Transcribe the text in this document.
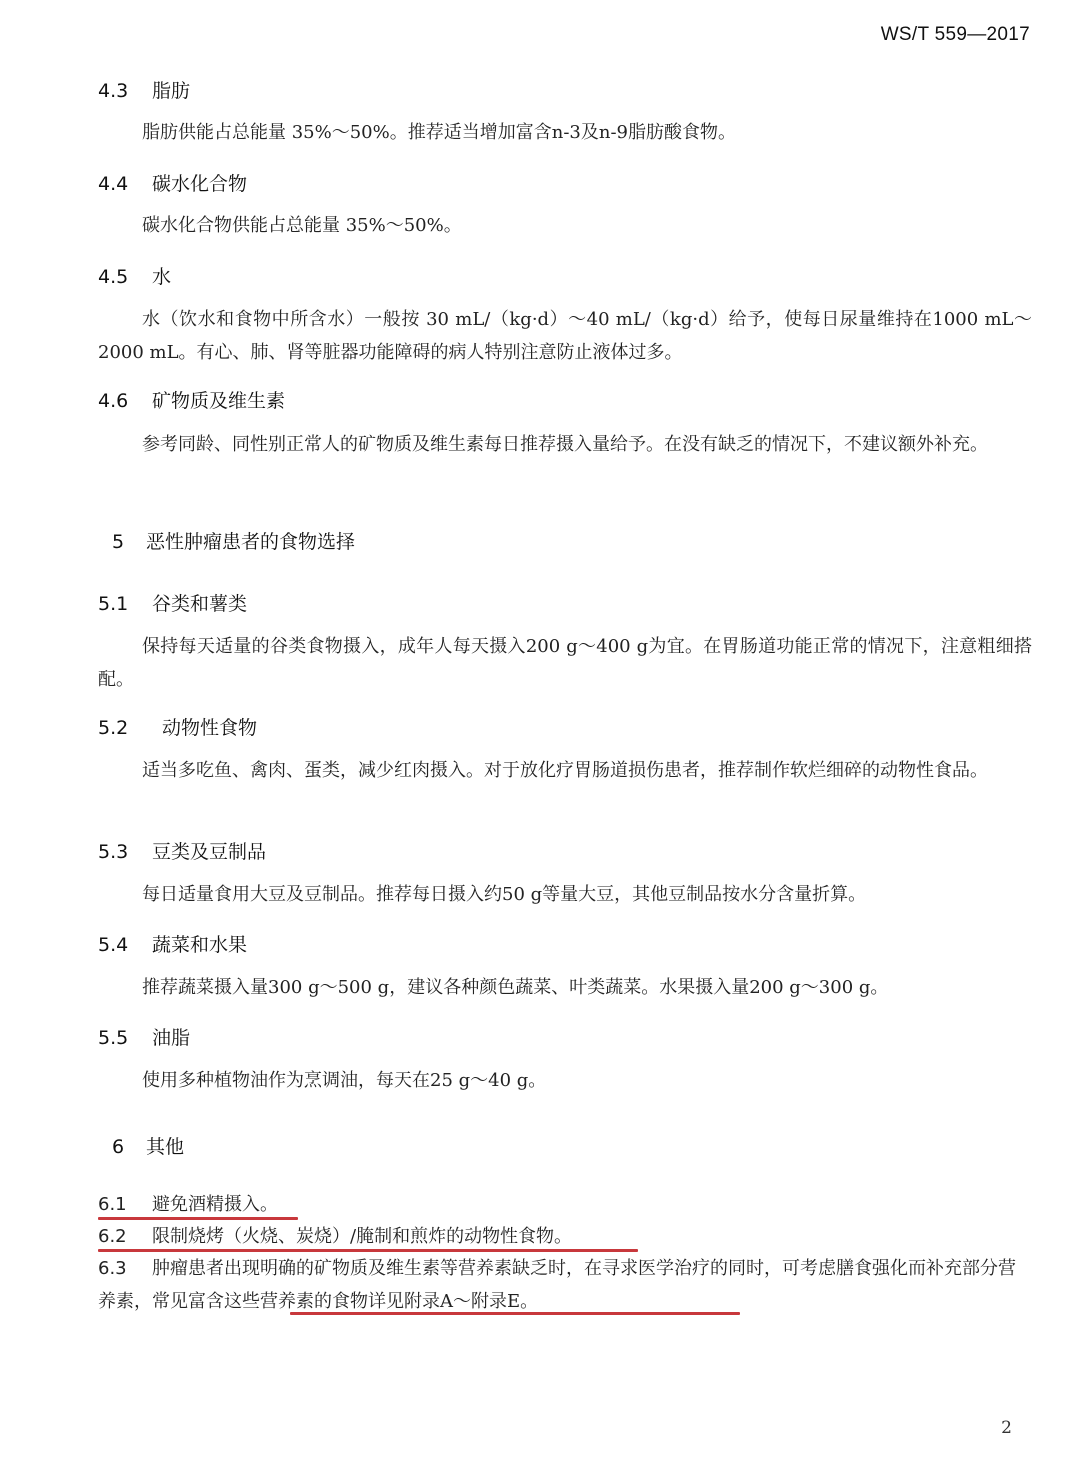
WS/T 559—2017
4.3 脂肪
脂肪供能占总能量 35%～50%。推荐适当增加富含n-3及n-9脂肪酸食物。
4.4 碳水化合物
碳水化合物供能占总能量 35%～50%。
4.5 水
水（饮水和食物中所含水）一般按 30 mL/（kg·d）～40 mL/（kg·d）给予，使每日尿量维持在1000 mL～2000 mL。有心、肺、肾等脏器功能障碍的病人特别注意防止液体过多。
4.6 矿物质及维生素
参考同龄、同性别正常人的矿物质及维生素每日推荐摄入量给予。在没有缺乏的情况下，不建议额外补充。
5 恶性肿瘤患者的食物选择
5.1 谷类和薯类
保持每天适量的谷类食物摄入，成年人每天摄入200 g～400 g为宜。在胃肠道功能正常的情况下，注意粗细搭配。
5.2 动物性食物
适当多吃鱼、禽肉、蛋类，减少红肉摄入。对于放化疗胃肠道损伤患者，推荐制作软烂细碎的动物性食品。
5.3 豆类及豆制品
每日适量食用大豆及豆制品。推荐每日摄入约50 g等量大豆，其他豆制品按水分含量折算。
5.4 蔬菜和水果
推荐蔬菜摄入量300 g～500 g，建议各种颜色蔬菜、叶类蔬菜。水果摄入量200 g～300 g。
5.5 油脂
使用多种植物油作为烹调油，每天在25 g～40 g。
6 其他
6.1 避免酒精摄入。
6.2 限制烧烤（火烧、炭烧）/腌制和煎炸的动物性食物。
6.3 肿瘤患者出现明确的矿物质及维生素等营养素缺乏时，在寻求医学治疗的同时，可考虑膳食强化而补充部分营养素，常见富含这些营养素的食物详见附录A～附录E。
2
